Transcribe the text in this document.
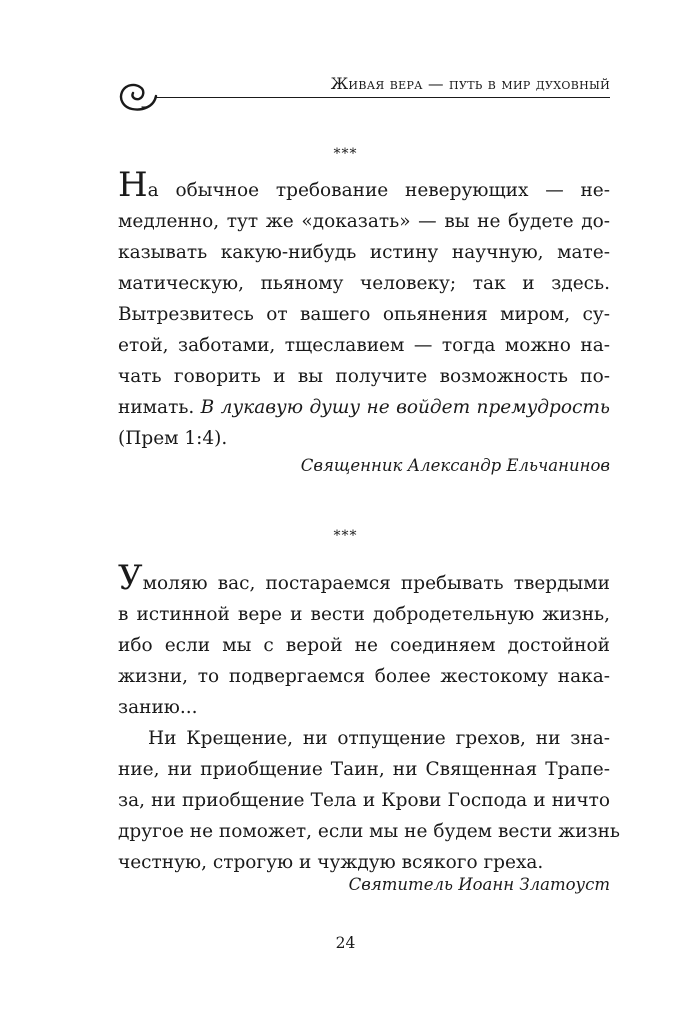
Живая вера — путь в мир духовный
***
На обычное требование неверующих — не-
медленно, тут же «доказать» — вы не будете до-
казывать какую-нибудь истину научную, мате-
матическую, пьяному человеку; так и здесь.
Вытрезвитесь от вашего опьянения миром, су-
етой, заботами, тщеславием — тогда можно на-
чать говорить и вы получите возможность по-
нимать. В лукавую душу не войдет премудрость
(Прем 1:4).
Священник Александр Ельчанинов
***
Умоляю вас, постараемся пребывать твердыми
в истинной вере и вести добродетельную жизнь,
ибо если мы с верой не соединяем достойной
жизни, то подвергаемся более жестокому нака-
занию...
Ни Крещение, ни отпущение грехов, ни зна-
ние, ни приобщение Таин, ни Священная Трапе-
за, ни приобщение Тела и Крови Господа и ничто
другое не поможет, если мы не будем вести жизнь
честную, строгую и чуждую всякого греха.
Святитель Иоанн Златоуст
24
